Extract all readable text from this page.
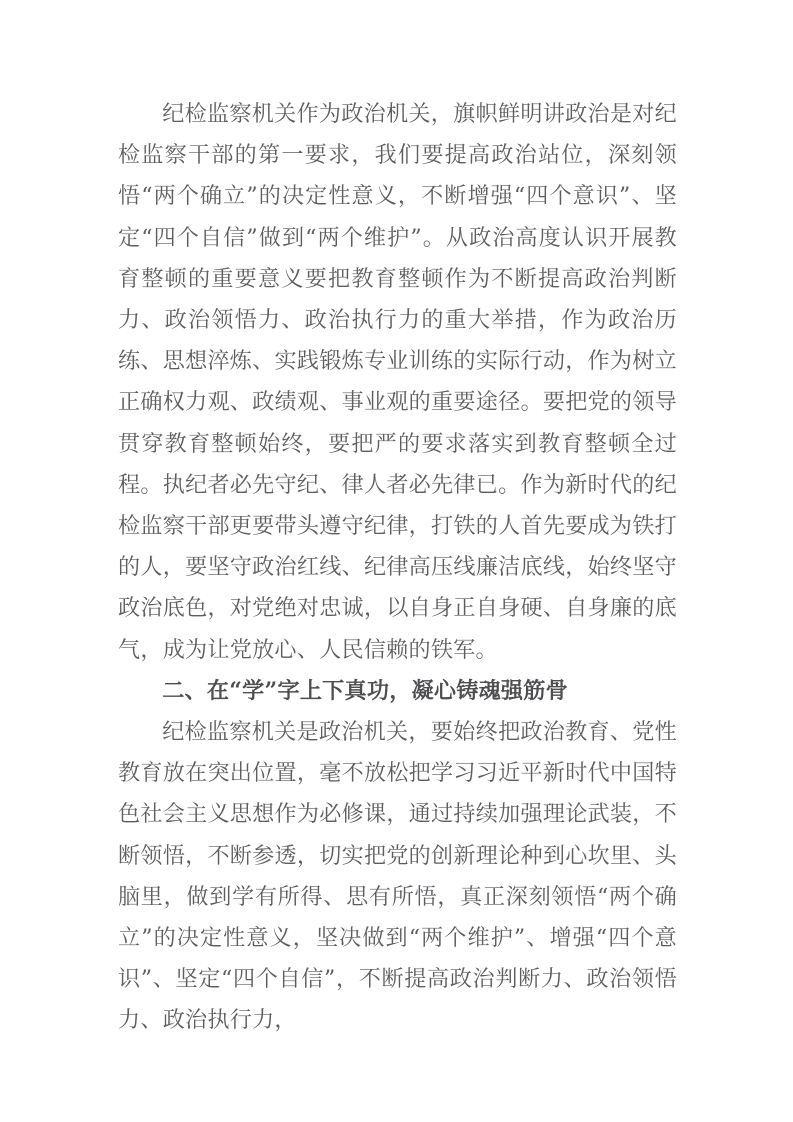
纪检监察机关作为政治机关，旗帜鲜明讲政治是对纪检监察干部的第一要求，我们要提高政治站位，深刻领悟“两个确立”的决定性意义，不断增强“四个意识”、坚定“四个自信”做到“两个维护”。从政治高度认识开展教育整顿的重要意义要把教育整顿作为不断提高政治判断力、政治领悟力、政治执行力的重大举措，作为政治历练、思想淬炼、实践锻炼专业训练的实际行动，作为树立正确权力观、政绩观、事业观的重要途径。要把党的领导贯穿教育整顿始终，要把严的要求落实到教育整顿全过程。执纪者必先守纪、律人者必先律已。作为新时代的纪检监察干部更要带头遵守纪律，打铁的人首先要成为铁打的人，要坚守政治红线、纪律高压线廉洁底线，始终坚守政治底色，对党绝对忠诚，以自身正自身硬、自身廉的底气，成为让党放心、人民信赖的铁军。

二、在“学”字上下真功，凝心铸魂强筋骨

纪检监察机关是政治机关，要始终把政治教育、党性教育放在突出位置，毫不放松把学习习近平新时代中国特色社会主义思想作为必修课，通过持续加强理论武装，不断领悟，不断参透，切实把党的创新理论种到心坎里、头脑里，做到学有所得、思有所悟，真正深刻领悟“两个确立”的决定性意义，坚决做到“两个维护”、增强“四个意识”、坚定“四个自信”，不断提高政治判断力、政治领悟力、政治执行力，
